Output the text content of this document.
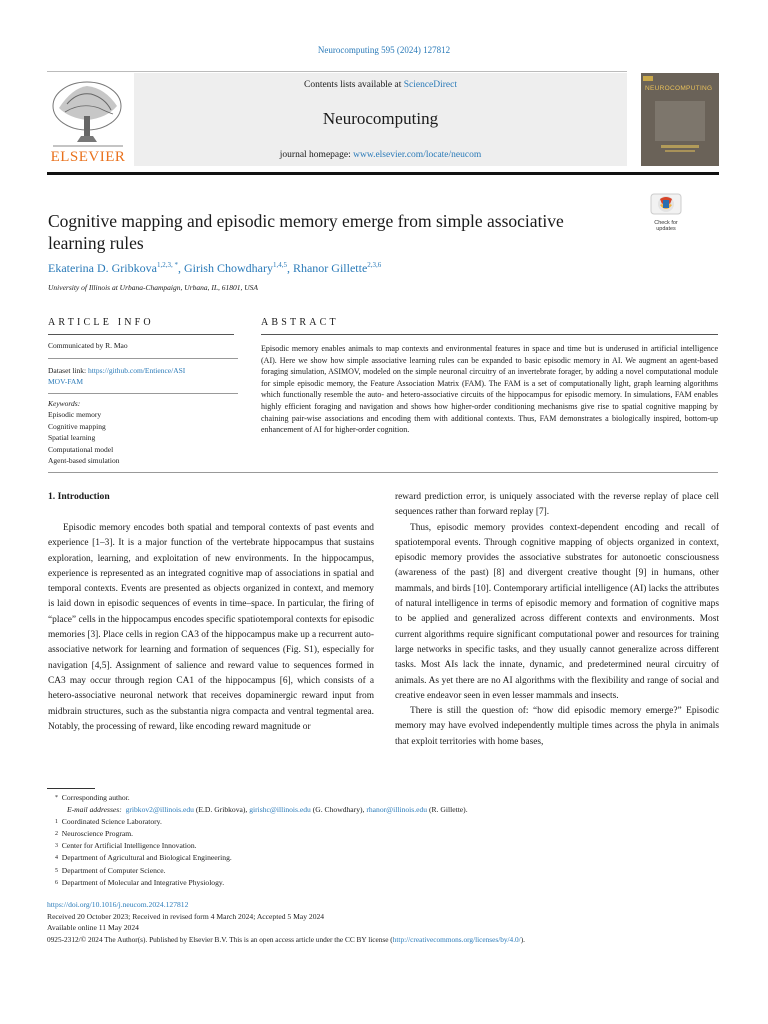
Neurocomputing 595 (2024) 127812
ELSEVIER
Contents lists available at ScienceDirect
Neurocomputing
journal homepage: www.elsevier.com/locate/neucom
NEUROCOMPUTING
Cognitive mapping and episodic memory emerge from simple associative learning rules
Check for updates
Ekaterina D. Gribkova$^{1,2,3, *}$, Girish Chowdhary$^{1,4,5}$, Rhanor Gillette$^{2,3,6}$
University of Illinois at Urbana-Champaign, Urbana, IL, 61801, USA
ARTICLE INFO
Communicated by R. Mao
Dataset link: https://github.com/Entience/ASI
MOV-FAM
Keywords:
Episodic memory
Cognitive mapping
Spatial learning
Computational model
Agent-based simulation
ABSTRACT
Episodic memory enables animals to map contexts and environmental features in space and time but is underused in artificial intelligence (AI). Here we show how simple associative learning rules can be expanded to basic episodic memory in AI. We augment an agent-based foraging simulation, ASIMOV, modeled on the simple neuronal circuitry of an invertebrate forager, by adding a novel computational module for simple episodic memory, the Feature Association Matrix (FAM). The FAM is a set of computationally light, graph learning algorithms which functionally resemble the auto- and hetero-associative circuits of the hippocampus for episodic memory. In simulations, FAM enables highly efficient foraging and navigation and shows how higher-order conditioning mechanisms give rise to spatial cognitive mapping by chaining pair-wise associations and encoding them with additional contexts. Thus, FAM demonstrates a biologically inspired, bottom-up enhancement of AI for higher-order cognition.
1. Introduction

Episodic memory encodes both spatial and temporal contexts of past events and experience [1–3]. It is a major function of the vertebrate hippocampus that sustains exploration, learning, and exploitation of new environments. In the hippocampus, experience is represented as an integrated cognitive map of associations in spatial and temporal contexts. Events are presented as objects organized in context, and memory is laid down in episodic sequences of events in time–space. In particular, the firing of “place” cells in the hippocampus encodes specific spatiotemporal contexts for episodic memories [3]. Place cells in region CA3 of the hippocampus make up a recurrent auto-associative network for learning and formation of sequences (Fig. S1), especially for navigation [4,5]. Assignment of salience and reward value to sequences formed in CA3 may occur through region CA1 of the hippocampus [6], which consists of a hetero-associative neuronal network that receives dopaminergic reward input from midbrain structures, such as the substantia nigra compacta and ventral tegmental area. Notably, the processing of reward, like encoding reward magnitude or

reward prediction error, is uniquely associated with the reverse replay of place cell sequences rather than forward replay [7].

Thus, episodic memory provides context-dependent encoding and recall of spatiotemporal events. Through cognitive mapping of objects organized in context, episodic memory provides the associative substrates for autonoetic consciousness (awareness of the past) [8] and divergent creative thought [9] in humans, other mammals, and birds [10]. Contemporary artificial intelligence (AI) lacks the attributes of natural intelligence in terms of episodic memory and formation of cognitive maps to be applied and generalized across different contexts and environments. Most current algorithms require significant computational power and resources for training large networks in specific tasks, and they usually cannot generalize across different tasks. Most AIs lack the innate, dynamic, and predetermined neural circuitry of animals. As yet there are no AI algorithms with the flexibility and range of social and creative endeavor seen in even lesser mammals and insects.

There is still the question of: “how did episodic memory emerge?” Episodic memory may have evolved independently multiple times across the phyla in animals that exploit territories with home bases,

* Corresponding author.
E-mail addresses: gribkov2@illinois.edu (E.D. Gribkova), girishc@illinois.edu (G. Chowdhary), rhanor@illinois.edu (R. Gillette).
$^1$ Coordinated Science Laboratory.
$^2$ Neuroscience Program.
$^3$ Center for Artificial Intelligence Innovation.
$^4$ Department of Agricultural and Biological Engineering.
$^5$ Department of Computer Science.
$^6$ Department of Molecular and Integrative Physiology.
https://doi.org/10.1016/j.neucom.2024.127812
Received 20 October 2023; Received in revised form 4 March 2024; Accepted 5 May 2024
Available online 11 May 2024
0925-2312/© 2024 The Author(s). Published by Elsevier B.V. This is an open access article under the CC BY license (http://creativecommons.org/licenses/by/4.0/).
